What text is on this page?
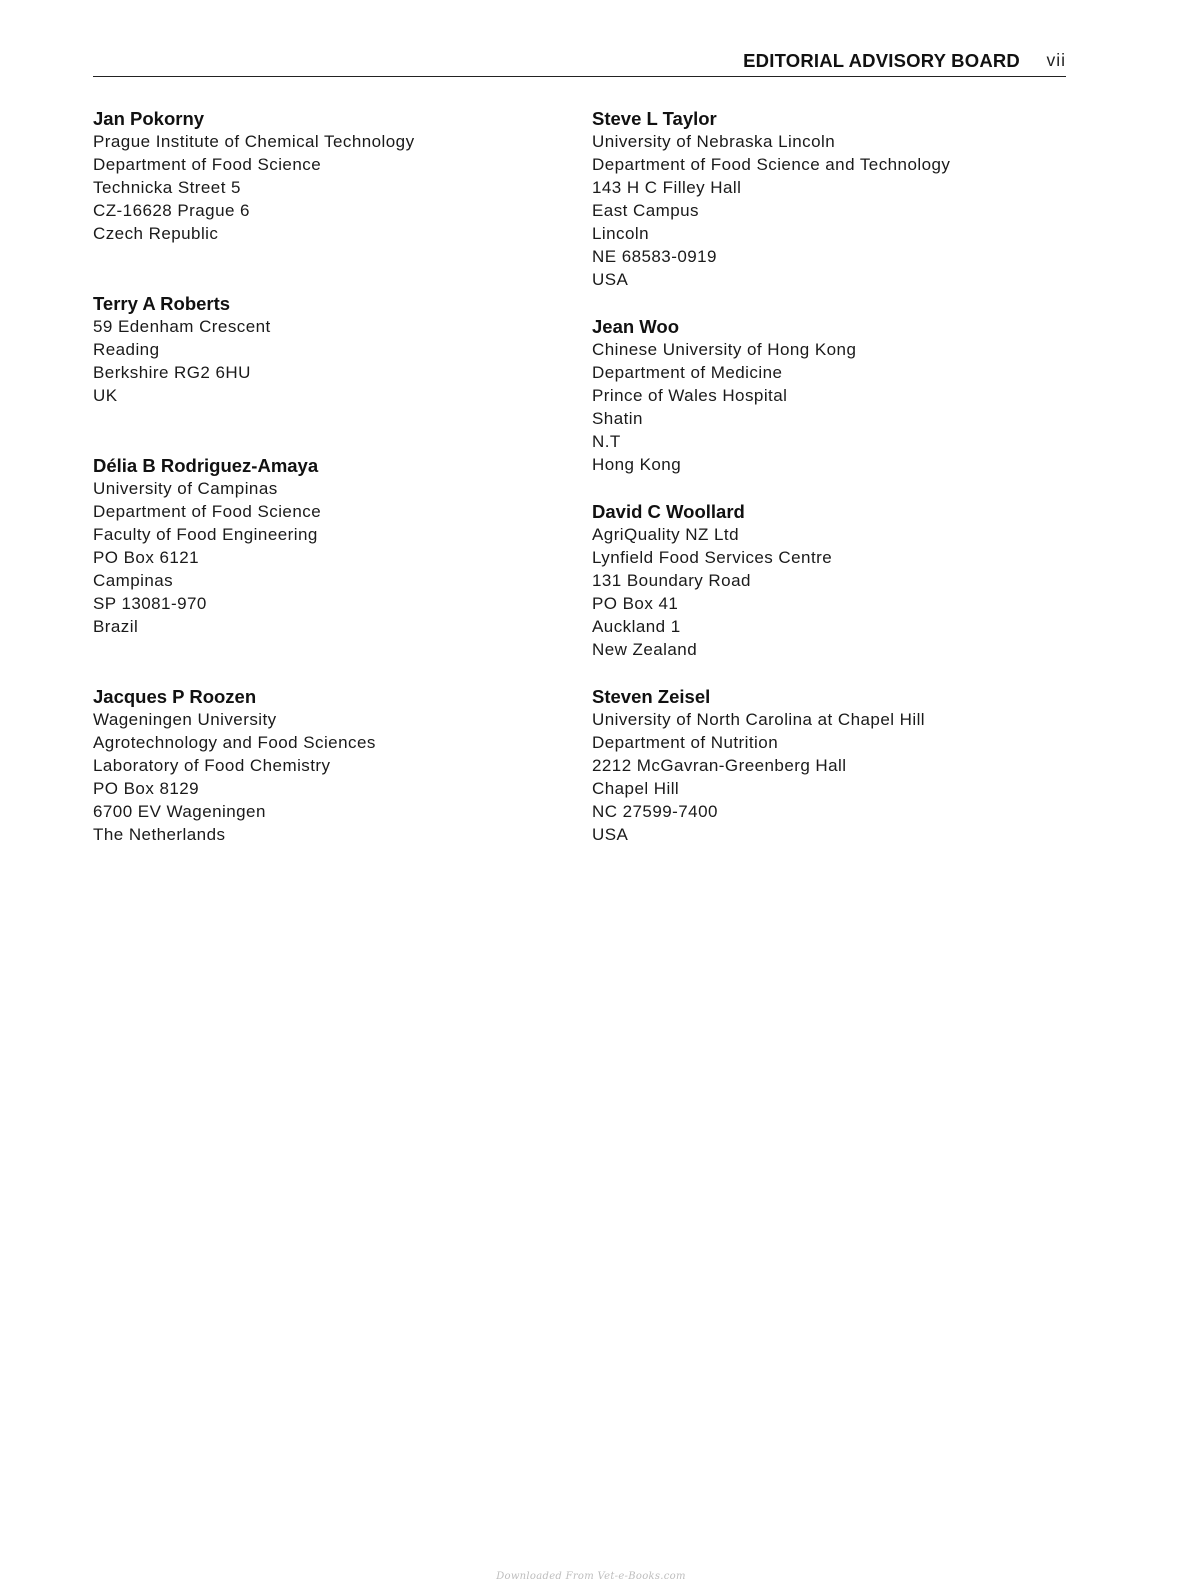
EDITORIAL ADVISORY BOARD vii

Jan Pokorny

Prague Institute of Chemical Technology
Department of Food Science
Technicka Street 5
CZ-16628 Prague 6
Czech Republic

Terry A Roberts

59 Edenham Crescent
Reading
Berkshire RG2 6HU
UK

Délia B Rodriguez-Amaya

University of Campinas
Department of Food Science
Faculty of Food Engineering
PO Box 6121
Campinas
SP 13081-970
Brazil

Jacques P Roozen

Wageningen University
Agrotechnology and Food Sciences
Laboratory of Food Chemistry
PO Box 8129
6700 EV Wageningen
The Netherlands

Steve L Taylor

University of Nebraska Lincoln
Department of Food Science and Technology
143 H C Filley Hall
East Campus
Lincoln
NE 68583-0919
USA

Jean Woo

Chinese University of Hong Kong
Department of Medicine
Prince of Wales Hospital
Shatin
N.T
Hong Kong

David C Woollard

AgriQuality NZ Ltd
Lynfield Food Services Centre
131 Boundary Road
PO Box 41
Auckland 1
New Zealand

Steven Zeisel

University of North Carolina at Chapel Hill
Department of Nutrition
2212 McGavran-Greenberg Hall
Chapel Hill
NC 27599-7400
USA
Downloaded From Vet-e-Books.com
